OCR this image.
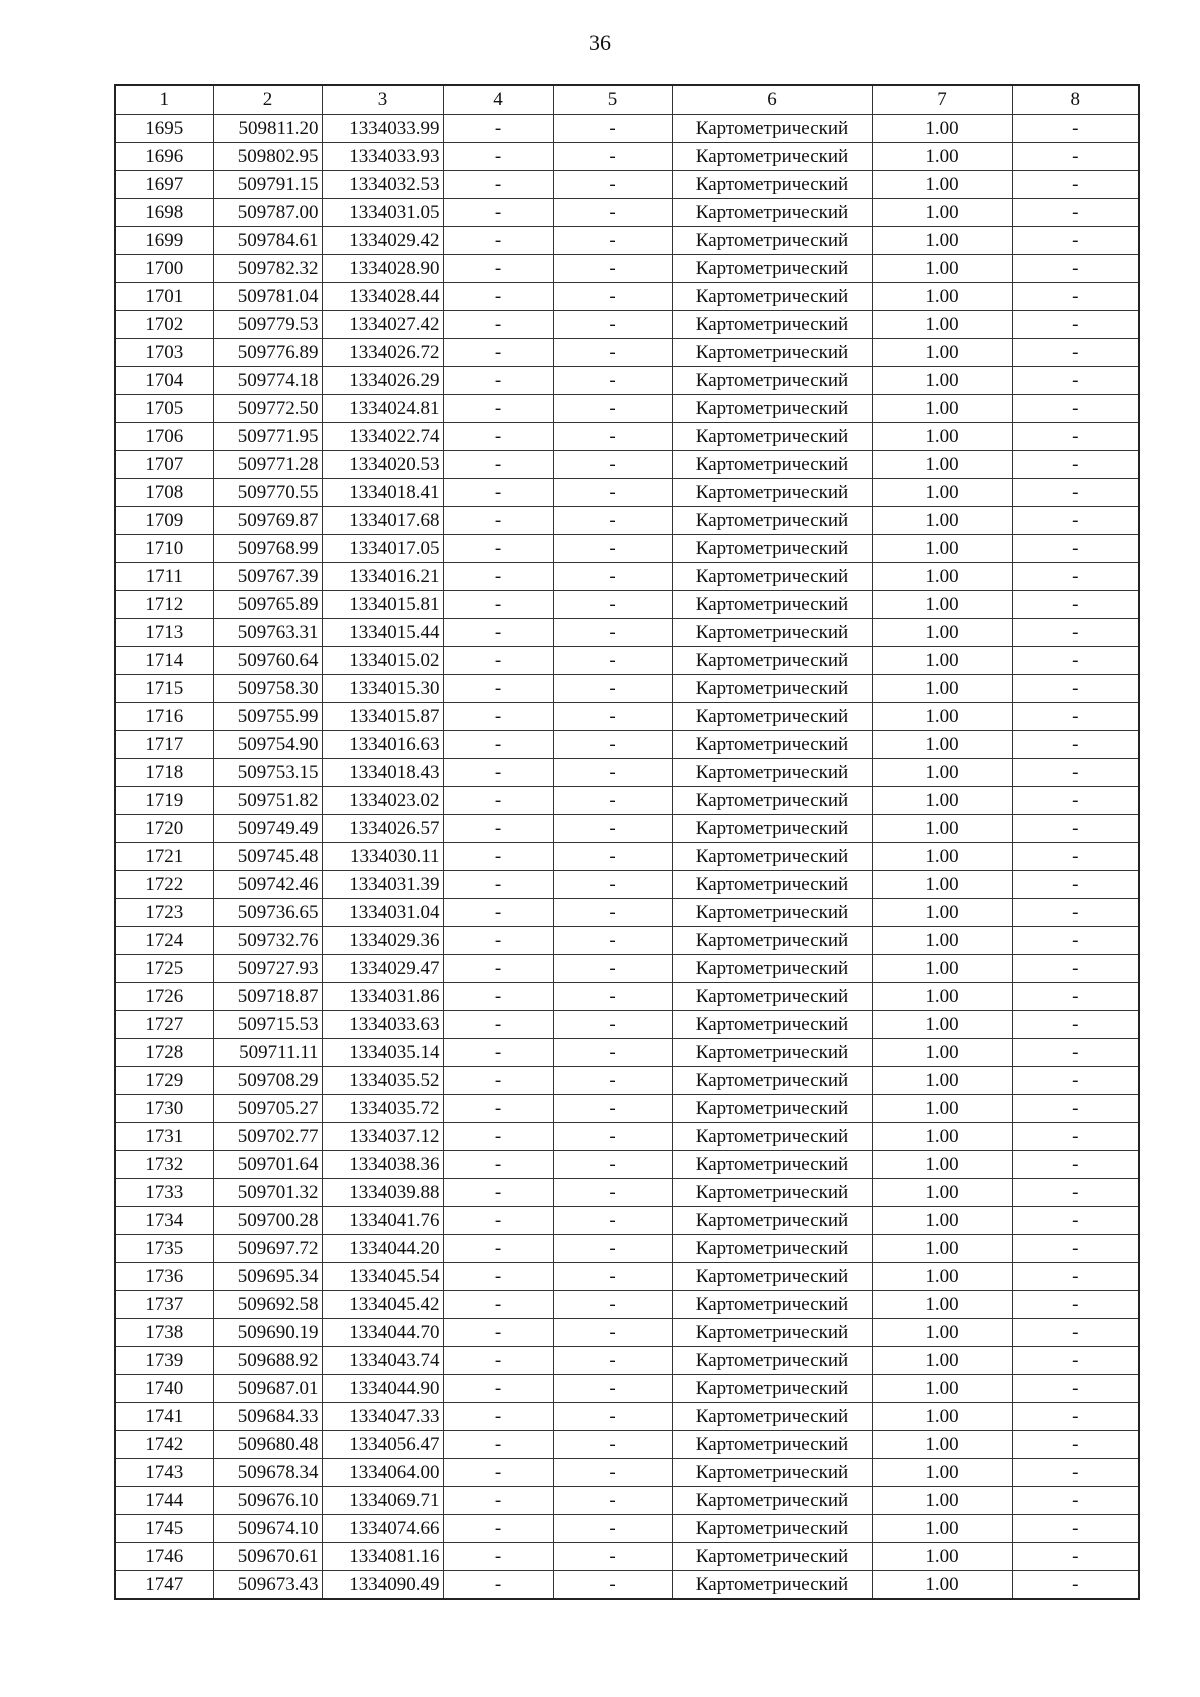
36
1	2	3	4	5	6	7	8
1695	509811.20	1334033.99	-	-	Картометрический	1.00	-
1696	509802.95	1334033.93	-	-	Картометрический	1.00	-
1697	509791.15	1334032.53	-	-	Картометрический	1.00	-
1698	509787.00	1334031.05	-	-	Картометрический	1.00	-
1699	509784.61	1334029.42	-	-	Картометрический	1.00	-
1700	509782.32	1334028.90	-	-	Картометрический	1.00	-
1701	509781.04	1334028.44	-	-	Картометрический	1.00	-
1702	509779.53	1334027.42	-	-	Картометрический	1.00	-
1703	509776.89	1334026.72	-	-	Картометрический	1.00	-
1704	509774.18	1334026.29	-	-	Картометрический	1.00	-
1705	509772.50	1334024.81	-	-	Картометрический	1.00	-
1706	509771.95	1334022.74	-	-	Картометрический	1.00	-
1707	509771.28	1334020.53	-	-	Картометрический	1.00	-
1708	509770.55	1334018.41	-	-	Картометрический	1.00	-
1709	509769.87	1334017.68	-	-	Картометрический	1.00	-
1710	509768.99	1334017.05	-	-	Картометрический	1.00	-
1711	509767.39	1334016.21	-	-	Картометрический	1.00	-
1712	509765.89	1334015.81	-	-	Картометрический	1.00	-
1713	509763.31	1334015.44	-	-	Картометрический	1.00	-
1714	509760.64	1334015.02	-	-	Картометрический	1.00	-
1715	509758.30	1334015.30	-	-	Картометрический	1.00	-
1716	509755.99	1334015.87	-	-	Картометрический	1.00	-
1717	509754.90	1334016.63	-	-	Картометрический	1.00	-
1718	509753.15	1334018.43	-	-	Картометрический	1.00	-
1719	509751.82	1334023.02	-	-	Картометрический	1.00	-
1720	509749.49	1334026.57	-	-	Картометрический	1.00	-
1721	509745.48	1334030.11	-	-	Картометрический	1.00	-
1722	509742.46	1334031.39	-	-	Картометрический	1.00	-
1723	509736.65	1334031.04	-	-	Картометрический	1.00	-
1724	509732.76	1334029.36	-	-	Картометрический	1.00	-
1725	509727.93	1334029.47	-	-	Картометрический	1.00	-
1726	509718.87	1334031.86	-	-	Картометрический	1.00	-
1727	509715.53	1334033.63	-	-	Картометрический	1.00	-
1728	509711.11	1334035.14	-	-	Картометрический	1.00	-
1729	509708.29	1334035.52	-	-	Картометрический	1.00	-
1730	509705.27	1334035.72	-	-	Картометрический	1.00	-
1731	509702.77	1334037.12	-	-	Картометрический	1.00	-
1732	509701.64	1334038.36	-	-	Картометрический	1.00	-
1733	509701.32	1334039.88	-	-	Картометрический	1.00	-
1734	509700.28	1334041.76	-	-	Картометрический	1.00	-
1735	509697.72	1334044.20	-	-	Картометрический	1.00	-
1736	509695.34	1334045.54	-	-	Картометрический	1.00	-
1737	509692.58	1334045.42	-	-	Картометрический	1.00	-
1738	509690.19	1334044.70	-	-	Картометрический	1.00	-
1739	509688.92	1334043.74	-	-	Картометрический	1.00	-
1740	509687.01	1334044.90	-	-	Картометрический	1.00	-
1741	509684.33	1334047.33	-	-	Картометрический	1.00	-
1742	509680.48	1334056.47	-	-	Картометрический	1.00	-
1743	509678.34	1334064.00	-	-	Картометрический	1.00	-
1744	509676.10	1334069.71	-	-	Картометрический	1.00	-
1745	509674.10	1334074.66	-	-	Картометрический	1.00	-
1746	509670.61	1334081.16	-	-	Картометрический	1.00	-
1747	509673.43	1334090.49	-	-	Картометрический	1.00	-
